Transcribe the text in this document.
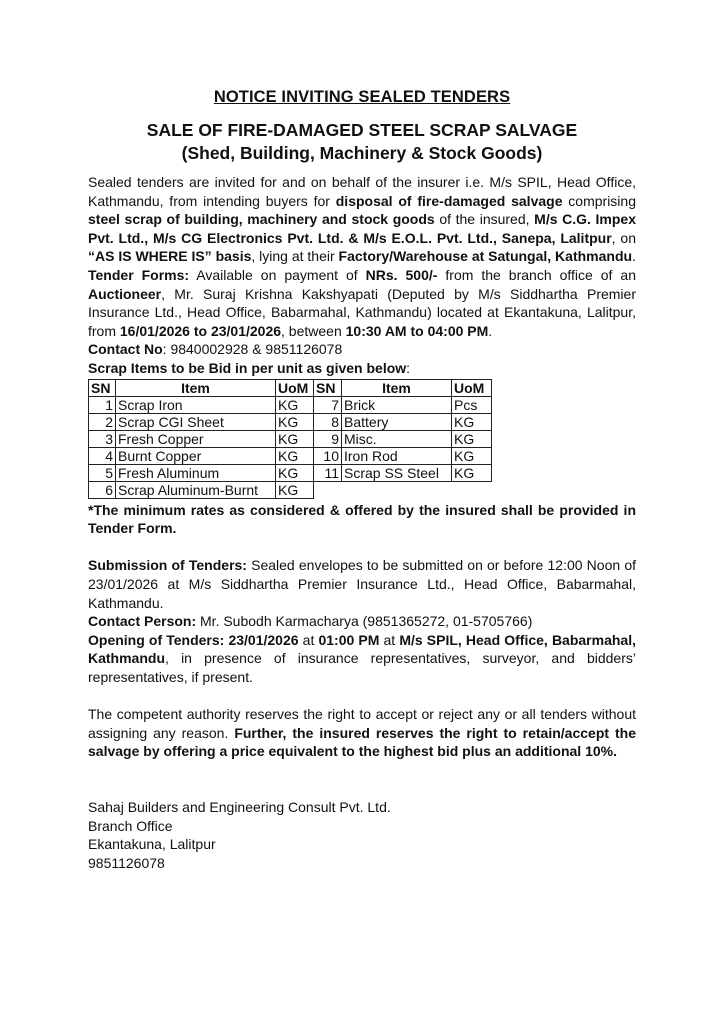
NOTICE INVITING SEALED TENDERS
SALE OF FIRE-DAMAGED STEEL SCRAP SALVAGE
(Shed, Building, Machinery & Stock Goods)

Sealed tenders are invited for and on behalf of the insurer i.e. M/s SPIL, Head Office, Kathmandu, from intending buyers for disposal of fire-damaged salvage comprising steel scrap of building, machinery and stock goods of the insured, M/s C.G. Impex Pvt. Ltd., M/s CG Electronics Pvt. Ltd. & M/s E.O.L. Pvt. Ltd., Sanepa, Lalitpur, on “AS IS WHERE IS” basis, lying at their Factory/Warehouse at Satungal, Kathmandu.

Tender Forms: Available on payment of NRs. 500/- from the branch office of an Auctioneer, Mr. Suraj Krishna Kakshyapati (Deputed by M/s Siddhartha Premier Insurance Ltd., Head Office, Babarmahal, Kathmandu) located at Ekantakuna, Lalitpur, from 16/01/2026 to 23/01/2026, between 10:30 AM to 04:00 PM.

Contact No: 9840002928 & 9851126078

Scrap Items to be Bid in per unit as given below:

SN	Item	UoM	SN	Item	UoM
1	Scrap Iron	KG	7	Brick	Pcs
2	Scrap CGI Sheet	KG	8	Battery	KG
3	Fresh Copper	KG	9	Misc.	KG
4	Burnt Copper	KG	10	Iron Rod	KG
5	Fresh Aluminum	KG	11	Scrap SS Steel	KG
6	Scrap Aluminum-Burnt	KG			

*The minimum rates as considered & offered by the insured shall be provided in Tender Form.

Submission of Tenders: Sealed envelopes to be submitted on or before 12:00 Noon of 23/01/2026 at M/s Siddhartha Premier Insurance Ltd., Head Office, Babarmahal, Kathmandu.

Contact Person: Mr. Subodh Karmacharya (9851365272, 01-5705766)

Opening of Tenders: 23/01/2026 at 01:00 PM at M/s SPIL, Head Office, Babarmahal, Kathmandu, in presence of insurance representatives, surveyor, and bidders’ representatives, if present.

The competent authority reserves the right to accept or reject any or all tenders without assigning any reason. Further, the insured reserves the right to retain/accept the salvage by offering a price equivalent to the highest bid plus an additional 10%.

Sahaj Builders and Engineering Consult Pvt. Ltd.

Branch Office

Ekantakuna, Lalitpur

9851126078
